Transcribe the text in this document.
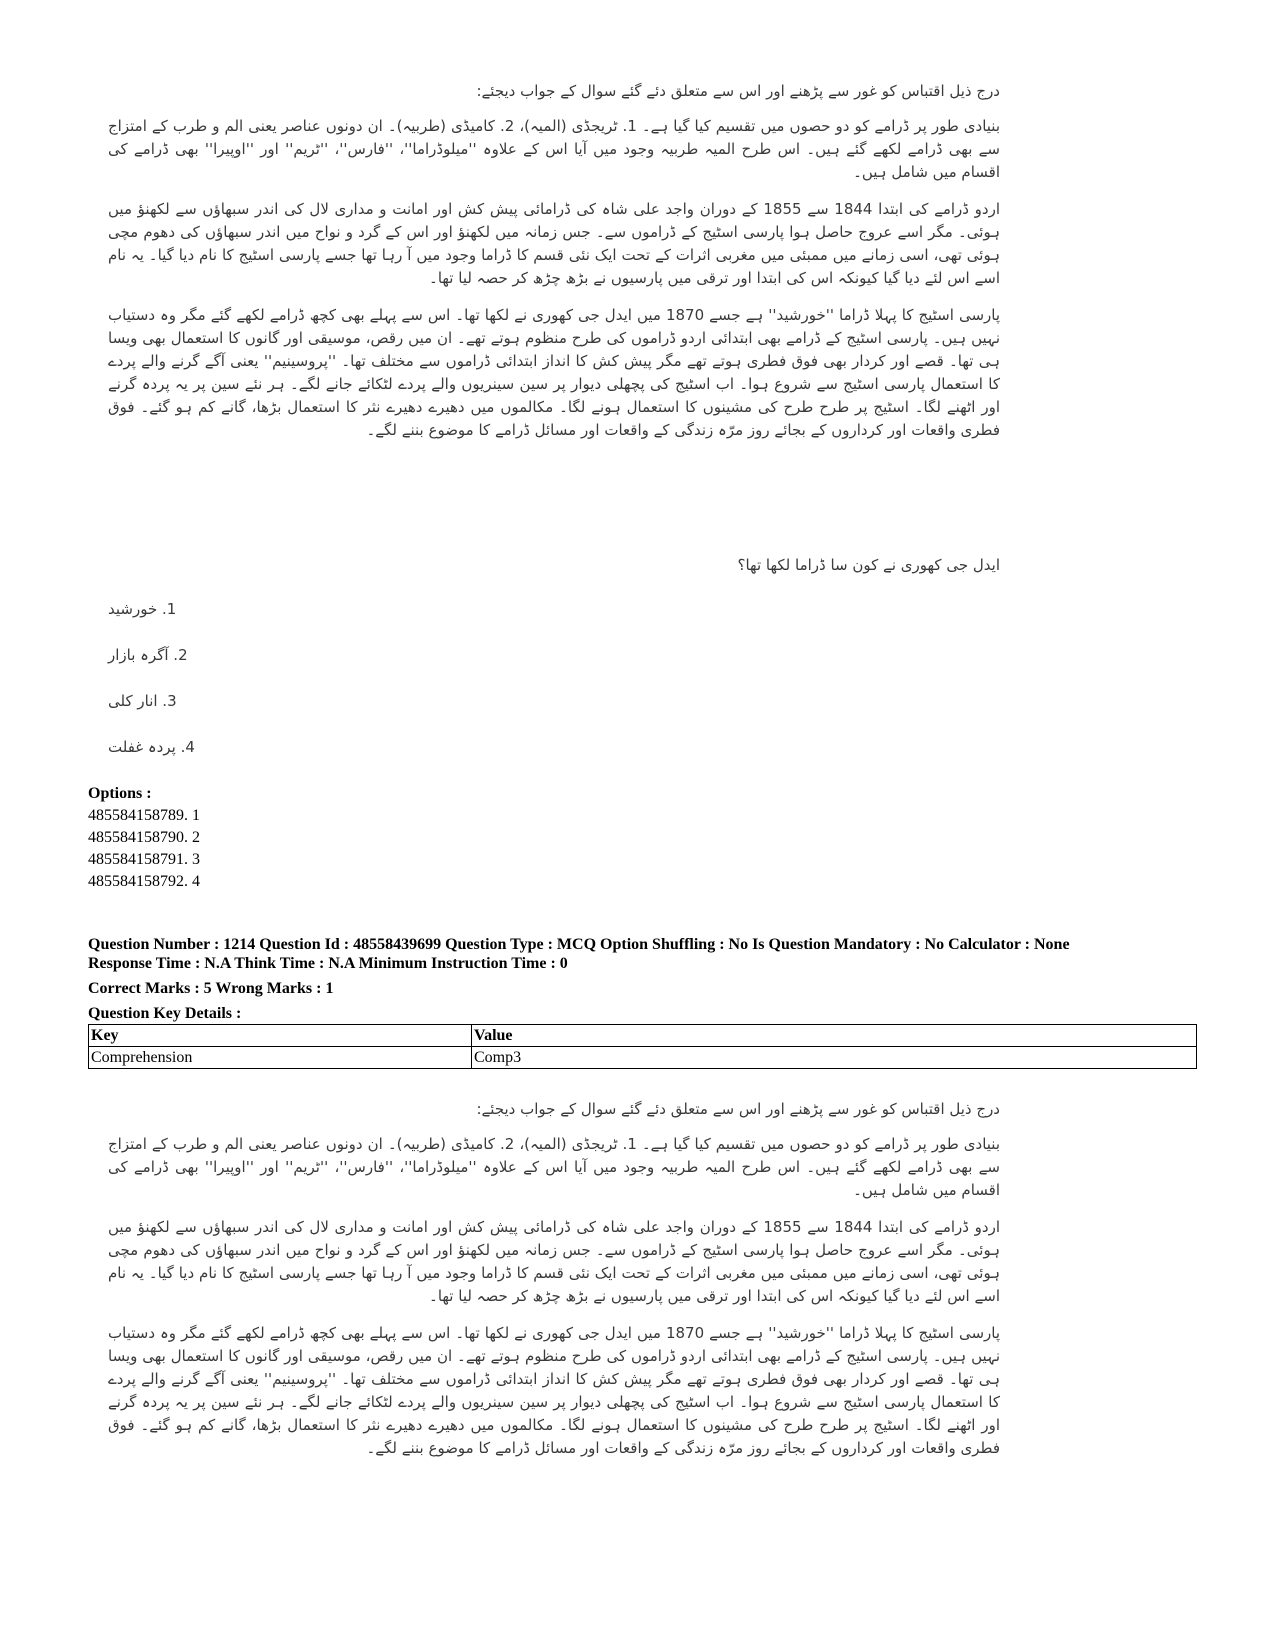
درج ذیل اقتباس کو غور سے پڑھنے اور اس سے متعلق دئے گئے سوال کے جواب دیجئے:

بنیادی طور پر ڈرامے کو دو حصوں میں تقسیم کیا گیا ہے۔ 1. ٹریجڈی (المیہ)، 2. کامیڈی (طربیہ)۔ ان دونوں عناصر یعنی الم و طرب کے امتزاج سے بھی ڈرامے لکھے گئے ہیں۔ اس طرح المیہ طربیہ وجود میں آیا اس کے علاوہ ''میلوڈراما''، ''فارس''، ''ٹریم'' اور ''اوپیرا'' بھی ڈرامے کی اقسام میں شامل ہیں۔

اردو ڈرامے کی ابتدا 1844 سے 1855 کے دوران واجد علی شاہ کی ڈرامائی پیش کش اور امانت و مداری لال کی اندر سبھاؤں سے لکھنؤ میں ہوئی۔ مگر اسے عروج حاصل ہوا پارسی اسٹیج کے ڈراموں سے۔ جس زمانہ میں لکھنؤ اور اس کے گرد و نواح میں اندر سبھاؤں کی دھوم مچی ہوئی تھی، اسی زمانے میں ممبئی میں مغربی اثرات کے تحت ایک نئی قسم کا ڈراما وجود میں آ رہا تھا جسے پارسی اسٹیج کا نام دیا گیا۔ یہ نام اسے اس لئے دیا گیا کیونکہ اس کی ابتدا اور ترقی میں پارسیوں نے بڑھ چڑھ کر حصہ لیا تھا۔

پارسی اسٹیج کا پہلا ڈراما ''خورشید'' ہے جسے 1870 میں ایدل جی کھوری نے لکھا تھا۔ اس سے پہلے بھی کچھ ڈرامے لکھے گئے مگر وہ دستیاب نہیں ہیں۔ پارسی اسٹیج کے ڈرامے بھی ابتدائی اردو ڈراموں کی طرح منظوم ہوتے تھے۔ ان میں رقص، موسیقی اور گانوں کا استعمال بھی ویسا ہی تھا۔ قصے اور کردار بھی فوق فطری ہوتے تھے مگر پیش کش کا انداز ابتدائی ڈراموں سے مختلف تھا۔ ''پروسینیم'' یعنی آگے گرنے والے پردے کا استعمال پارسی اسٹیج سے شروع ہوا۔ اب اسٹیج کی پچھلی دیوار پر سین سینریوں والے پردے لٹکائے جانے لگے۔ ہر نئے سین پر یہ پردہ گرنے اور اٹھنے لگا۔ اسٹیج پر طرح طرح کی مشینوں کا استعمال ہونے لگا۔ مکالموں میں دھیرے دھیرے نثر کا استعمال بڑھا، گانے کم ہو گئے۔ فوق فطری واقعات اور کرداروں کے بجائے روز مرّہ زندگی کے واقعات اور مسائل ڈرامے کا موضوع بننے لگے۔

ایدل جی کھوری نے کون سا ڈراما لکھا تھا؟
1. خورشید
2. آگرہ بازار
3. انار کلی
4. پردہ غفلت
Options :
485584158789. 1
485584158790. 2
485584158791. 3
485584158792. 4

Question Number : 1214 Question Id : 48558439699 Question Type : MCQ Option Shuffling : No Is Question Mandatory : No Calculator : None

Response Time : N.A Think Time : N.A Minimum Instruction Time : 0

Correct Marks : 5 Wrong Marks : 1

Question Key Details :

Key	Value
Comprehension	Comp3

درج ذیل اقتباس کو غور سے پڑھنے اور اس سے متعلق دئے گئے سوال کے جواب دیجئے:

بنیادی طور پر ڈرامے کو دو حصوں میں تقسیم کیا گیا ہے۔ 1. ٹریجڈی (المیہ)، 2. کامیڈی (طربیہ)۔ ان دونوں عناصر یعنی الم و طرب کے امتزاج سے بھی ڈرامے لکھے گئے ہیں۔ اس طرح المیہ طربیہ وجود میں آیا اس کے علاوہ ''میلوڈراما''، ''فارس''، ''ٹریم'' اور ''اوپیرا'' بھی ڈرامے کی اقسام میں شامل ہیں۔

اردو ڈرامے کی ابتدا 1844 سے 1855 کے دوران واجد علی شاہ کی ڈرامائی پیش کش اور امانت و مداری لال کی اندر سبھاؤں سے لکھنؤ میں ہوئی۔ مگر اسے عروج حاصل ہوا پارسی اسٹیج کے ڈراموں سے۔ جس زمانہ میں لکھنؤ اور اس کے گرد و نواح میں اندر سبھاؤں کی دھوم مچی ہوئی تھی، اسی زمانے میں ممبئی میں مغربی اثرات کے تحت ایک نئی قسم کا ڈراما وجود میں آ رہا تھا جسے پارسی اسٹیج کا نام دیا گیا۔ یہ نام اسے اس لئے دیا گیا کیونکہ اس کی ابتدا اور ترقی میں پارسیوں نے بڑھ چڑھ کر حصہ لیا تھا۔

پارسی اسٹیج کا پہلا ڈراما ''خورشید'' ہے جسے 1870 میں ایدل جی کھوری نے لکھا تھا۔ اس سے پہلے بھی کچھ ڈرامے لکھے گئے مگر وہ دستیاب نہیں ہیں۔ پارسی اسٹیج کے ڈرامے بھی ابتدائی اردو ڈراموں کی طرح منظوم ہوتے تھے۔ ان میں رقص، موسیقی اور گانوں کا استعمال بھی ویسا ہی تھا۔ قصے اور کردار بھی فوق فطری ہوتے تھے مگر پیش کش کا انداز ابتدائی ڈراموں سے مختلف تھا۔ ''پروسینیم'' یعنی آگے گرنے والے پردے کا استعمال پارسی اسٹیج سے شروع ہوا۔ اب اسٹیج کی پچھلی دیوار پر سین سینریوں والے پردے لٹکائے جانے لگے۔ ہر نئے سین پر یہ پردہ گرنے اور اٹھنے لگا۔ اسٹیج پر طرح طرح کی مشینوں کا استعمال ہونے لگا۔ مکالموں میں دھیرے دھیرے نثر کا استعمال بڑھا، گانے کم ہو گئے۔ فوق فطری واقعات اور کرداروں کے بجائے روز مرّہ زندگی کے واقعات اور مسائل ڈرامے کا موضوع بننے لگے۔
